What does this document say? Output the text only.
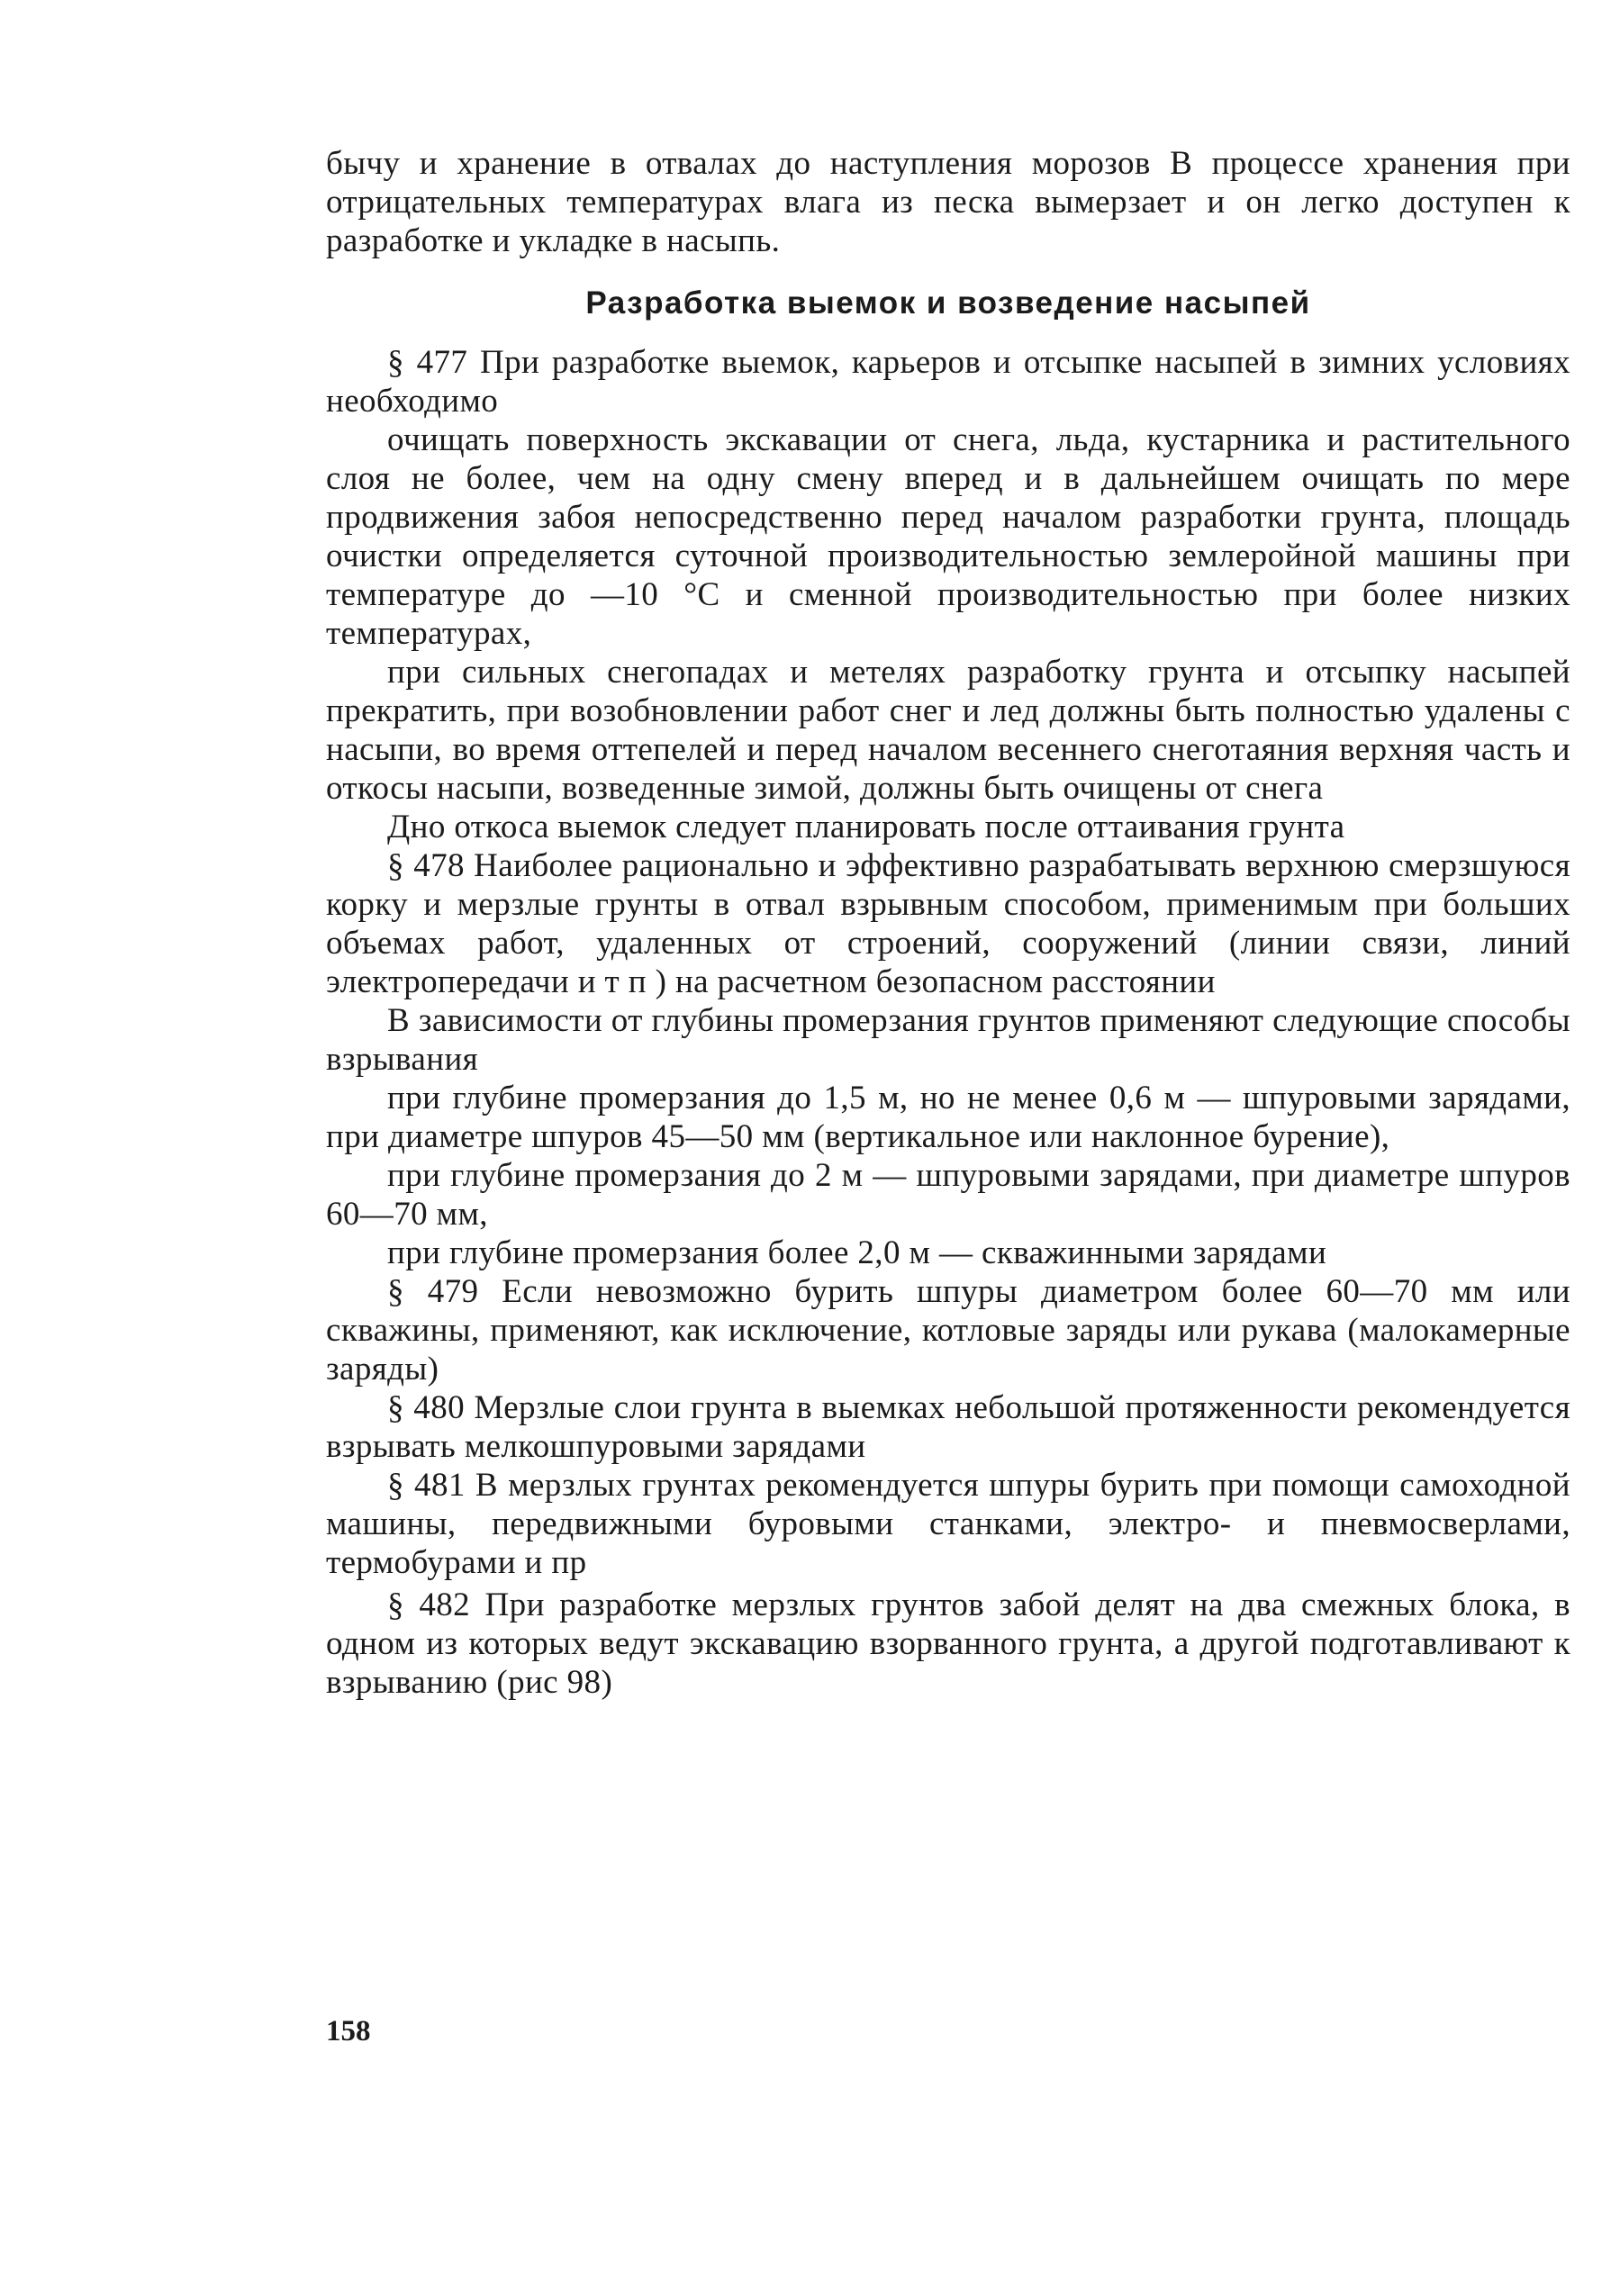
бычу и хранение в отвалах до наступления морозов В процессе хранения при отрицательных температурах влага из песка вымерзает и он легко доступен к разработке и укладке в насыпь.

Разработка выемок и возведение насыпей

§ 477 При разработке выемок, карьеров и отсыпке насыпей в зимних условиях необходимо

очищать поверхность экскавации от снега, льда, кустарника и растительного слоя не более, чем на одну смену вперед и в дальнейшем очищать по мере продвижения забоя непосредственно перед началом разработки грунта, площадь очистки определяется суточной производительностью землеройной машины при температуре до —10 °С и сменной производительностью при более низких температурах,

при сильных снегопадах и метелях разработку грунта и отсыпку насыпей прекратить, при возобновлении работ снег и лед должны быть полностью удалены с насыпи, во время оттепелей и перед началом весеннего снеготаяния верхняя часть и откосы насыпи, возведенные зимой, должны быть очищены от снега

Дно откоса выемок следует планировать после оттаивания грунта

§ 478 Наиболее рационально и эффективно разрабатывать верхнюю смерзшуюся корку и мерзлые грунты в отвал взрывным способом, применимым при больших объемах работ, удаленных от строений, сооружений (линии связи, линий электропередачи и т п ) на расчетном безопасном расстоянии

В зависимости от глубины промерзания грунтов применяют следующие способы взрывания

при глубине промерзания до 1,5 м, но не менее 0,6 м — шпуровыми зарядами, при диаметре шпуров 45—50 мм (вертикальное или наклонное бурение),

при глубине промерзания до 2 м — шпуровыми зарядами, при диаметре шпуров 60—70 мм,

при глубине промерзания более 2,0 м — скважинными зарядами

§ 479 Если невозможно бурить шпуры диаметром более 60—70 мм или скважины, применяют, как исключение, котловые заряды или рукава (малокамерные заряды)

§ 480 Мерзлые слои грунта в выемках небольшой протяженности рекомендуется взрывать мелкошпуровыми зарядами

§ 481 В мерзлых грунтах рекомендуется шпуры бурить при помощи самоходной машины, передвижными буровыми станками, электро- и пневмосверлами, термобурами и пр

§ 482 При разработке мерзлых грунтов забой делят на два смежных блока, в одном из которых ведут экскавацию взорванного грунта, а другой подготавливают к взрыванию (рис 98)

158
